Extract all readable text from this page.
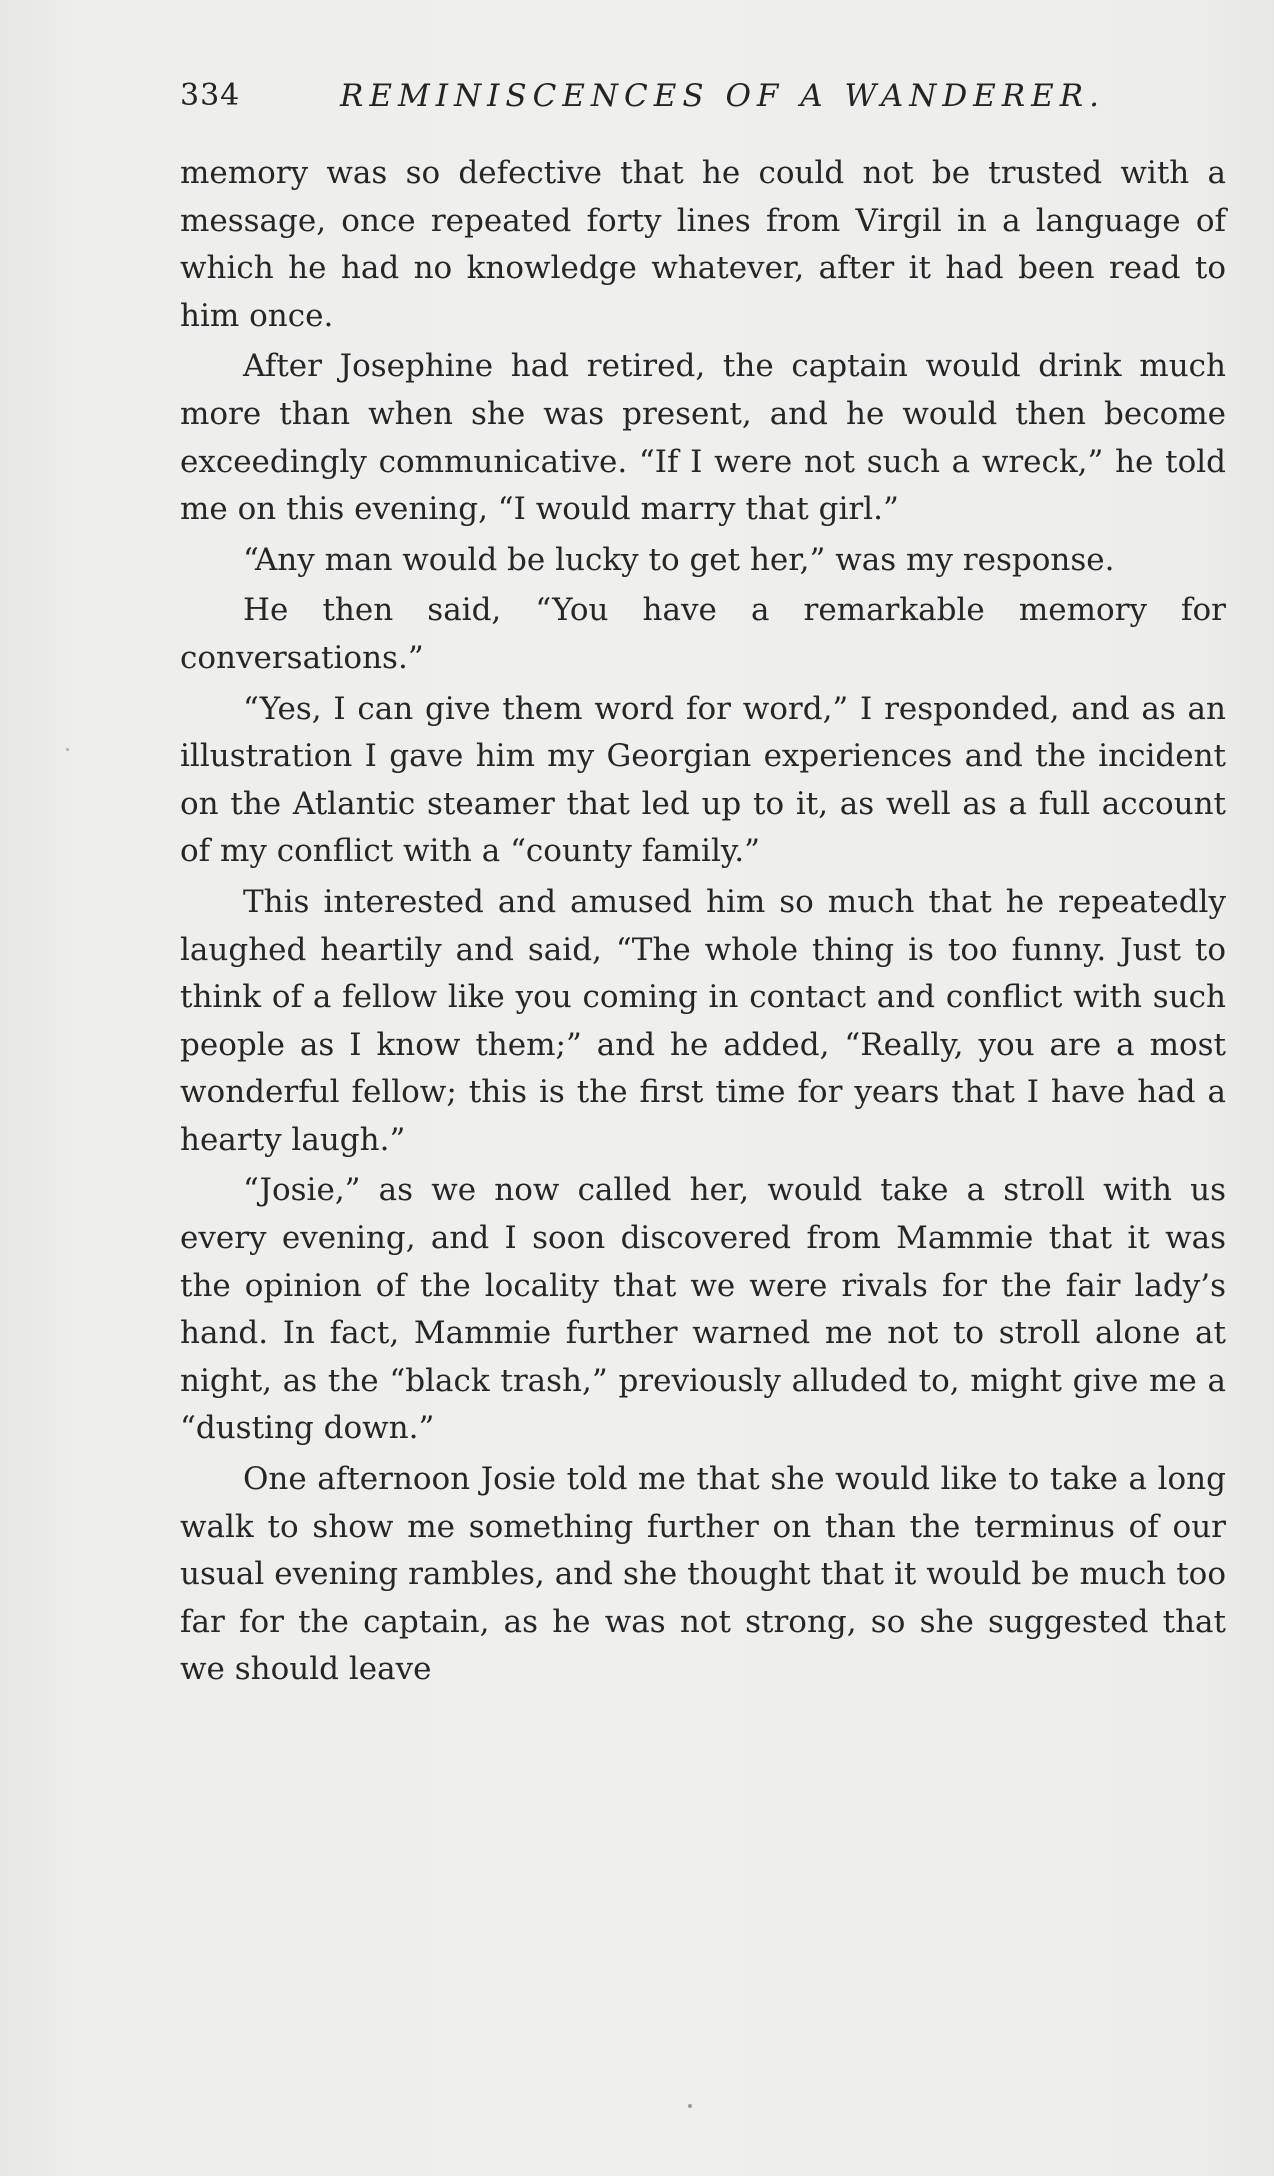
334	REMINISCENCES OF A WANDERER.

memory was so defective that he could not be trusted with a message, once repeated forty lines from Virgil in a language of which he had no knowledge whatever, after it had been read to him once.

After Josephine had retired, the captain would drink much more than when she was present, and he would then become exceedingly communicative. “If I were not such a wreck,” he told me on this evening, “I would marry that girl.”

“Any man would be lucky to get her,” was my response.

He then said, “You have a remarkable memory for conversations.”

“Yes, I can give them word for word,” I responded, and as an illustration I gave him my Georgian experiences and the incident on the Atlantic steamer that led up to it, as well as a full account of my conflict with a “county family.”

This interested and amused him so much that he repeatedly laughed heartily and said, “The whole thing is too funny. Just to think of a fellow like you coming in contact and conflict with such people as I know them;” and he added, “Really, you are a most wonderful fellow; this is the first time for years that I have had a hearty laugh.”

“Josie,” as we now called her, would take a stroll with us every evening, and I soon discovered from Mammie that it was the opinion of the locality that we were rivals for the fair lady’s hand. In fact, Mammie further warned me not to stroll alone at night, as the “black trash,” previously alluded to, might give me a “dusting down.”

One afternoon Josie told me that she would like to take a long walk to show me something further on than the terminus of our usual evening rambles, and she thought that it would be much too far for the captain, as he was not strong, so she suggested that we should leave
